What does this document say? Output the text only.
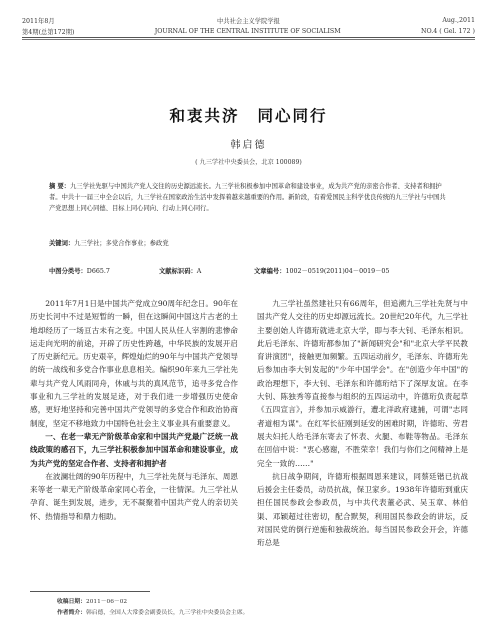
2011年8月	中共社会主义学院学报	Aug.,2011
第4期(总第172期)	JOURNAL OF THE CENTRAL INSTITUTE OF SOCIALISM	NO.4 ( Gel. 172 )
和衷共济 同心同行
韩启德
( 九三学社中央委员会，北京 100089)
摘 要：九三学社先驱与中国共产党人交往的历史源远流长。九三学社积极参加中国革命和建设事业，成为共产党的亲密合作者、支持者和拥护者。中共十一届三中全会以后，九三学社在国家政治生活中发挥着越来越重要的作用。新阶段，有着爱国民主科学优良传统的九三学社与中国共产党思想上同心同德、目标上同心同向、行动上同心同行。
关键词：九三学社；多党合作事业；参政党
中图分类号：D665.7	文献标识码：A	文章编号：1002－0519(2011)04－0019－05

2011年7月1日是中国共产党成立90周年纪念日。90年在历史长河中不过是短暂的一瞬，但在这瞬间中国这片古老的土地却经历了一场亘古未有之变。中国人民从任人宰割的悲惨命运走向光明的前途，开辟了历史性跨越，中华民族的发展开启了历史新纪元。历史艰辛，辉煌灿烂的90年与中国共产党领导的统一战线和多党合作事业息息相关。编织90年来九三学社先辈与共产党人风雨同舟，休戚与共的真风范节，追寻多党合作事业和九三学社的发展足迹，对于我们进一步增强历史使命感，更好地坚持和完善中国共产党领导的多党合作和政治协商制度，坚定不移地致力中国特色社会主义事业具有重要意义。

一、在老一辈无产阶级革命家和中国共产党最广泛统一战线政策的感召下，九三学社积极参加中国革命和建设事业，成为共产党的坚定合作者、支持者和拥护者

在波澜壮阔的90年历程中，九三学社先贤与毛泽东、周恩来等老一辈无产阶级革命家同心若金，一往情深。九三学社从孕育、诞生到发展，进步，无不凝聚着中国共产党人的亲切关怀、热情指导和鼎力相助。

九三学社虽然建社只有66周年，但追溯九三学社先贤与中国共产党人交往的历史却源远流长。20世纪20年代，九三学社主要创始人许德珩就进北京大学，即与李大钊、毛泽东相识。此后毛泽东、许德珩都参加了"新闻研究会"和"北京大学平民教育讲演团"，接触更加频繁。五四运动前夕，毛泽东、许德珩先后参加由李大钊发起的"少年中国学会"。在"创造少年中国"的政治理想下，李大钊、毛泽东和许德珩结下了深厚友谊。在李大钊、陈独秀等直接参与组织的五四运动中，许德珩负责起草《五四宣言》，并参加示威游行，遭北洋政府逮捕，可谓"志同者道相为谋"。在红军长征刚到延安的困难时期，许德珩、劳君展夫妇托人给毛泽东寄去了怀表、火腿、布鞋等物品。毛泽东在回信中说："衷心感谢，不胜荣幸！我们与你们之间精神上是完全一致的……"

抗日战争期间，许德珩根据周恩来建议，同蔡廷锴已抗战后援会主任委员，动员抗战，保卫家乡。1938年许德珩到重庆担任国民参政会参政员，与中共代表董必武、吴玉章、林伯渠、邓颖超过往密切，配合默契，利用国民参政会的讲坛，反对国民党的倒行逆施和独裁统治。每当国民参政会开会，许德珩总是

收稿日期：2011－06－02
作者简介：韩启德，全国人大常委会副委员长，九三学社中央委员会主席。
